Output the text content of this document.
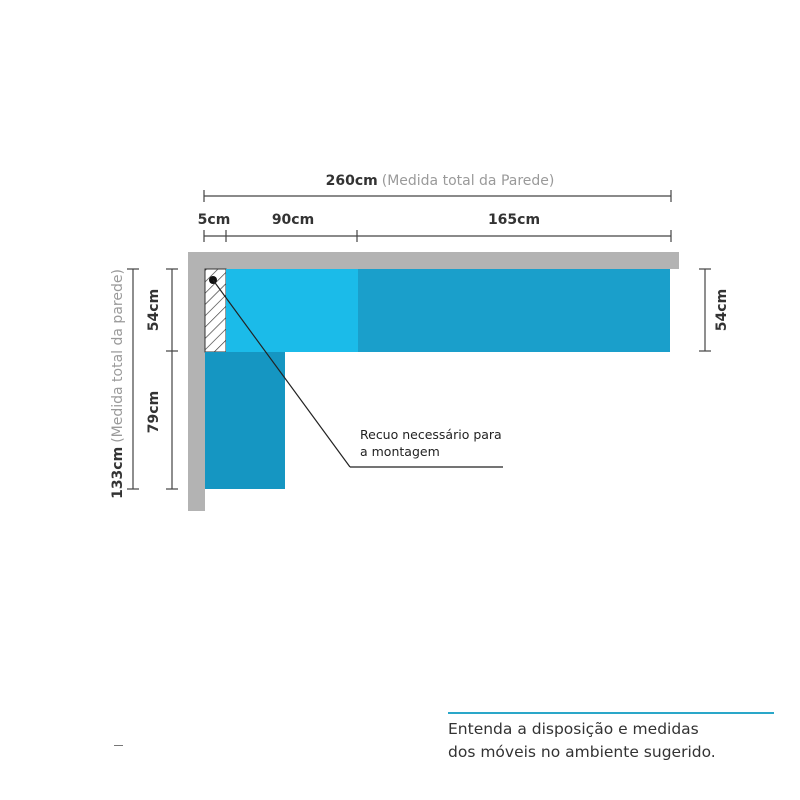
260cm (Medida total da Parede)
5cm	90cm	165cm
54cm
133cm(Medida total da parede) 54cm
79cm
Recuo necessário para
a montagem
Entenda a disposição e medidas
dos móveis no ambiente sugerido.
